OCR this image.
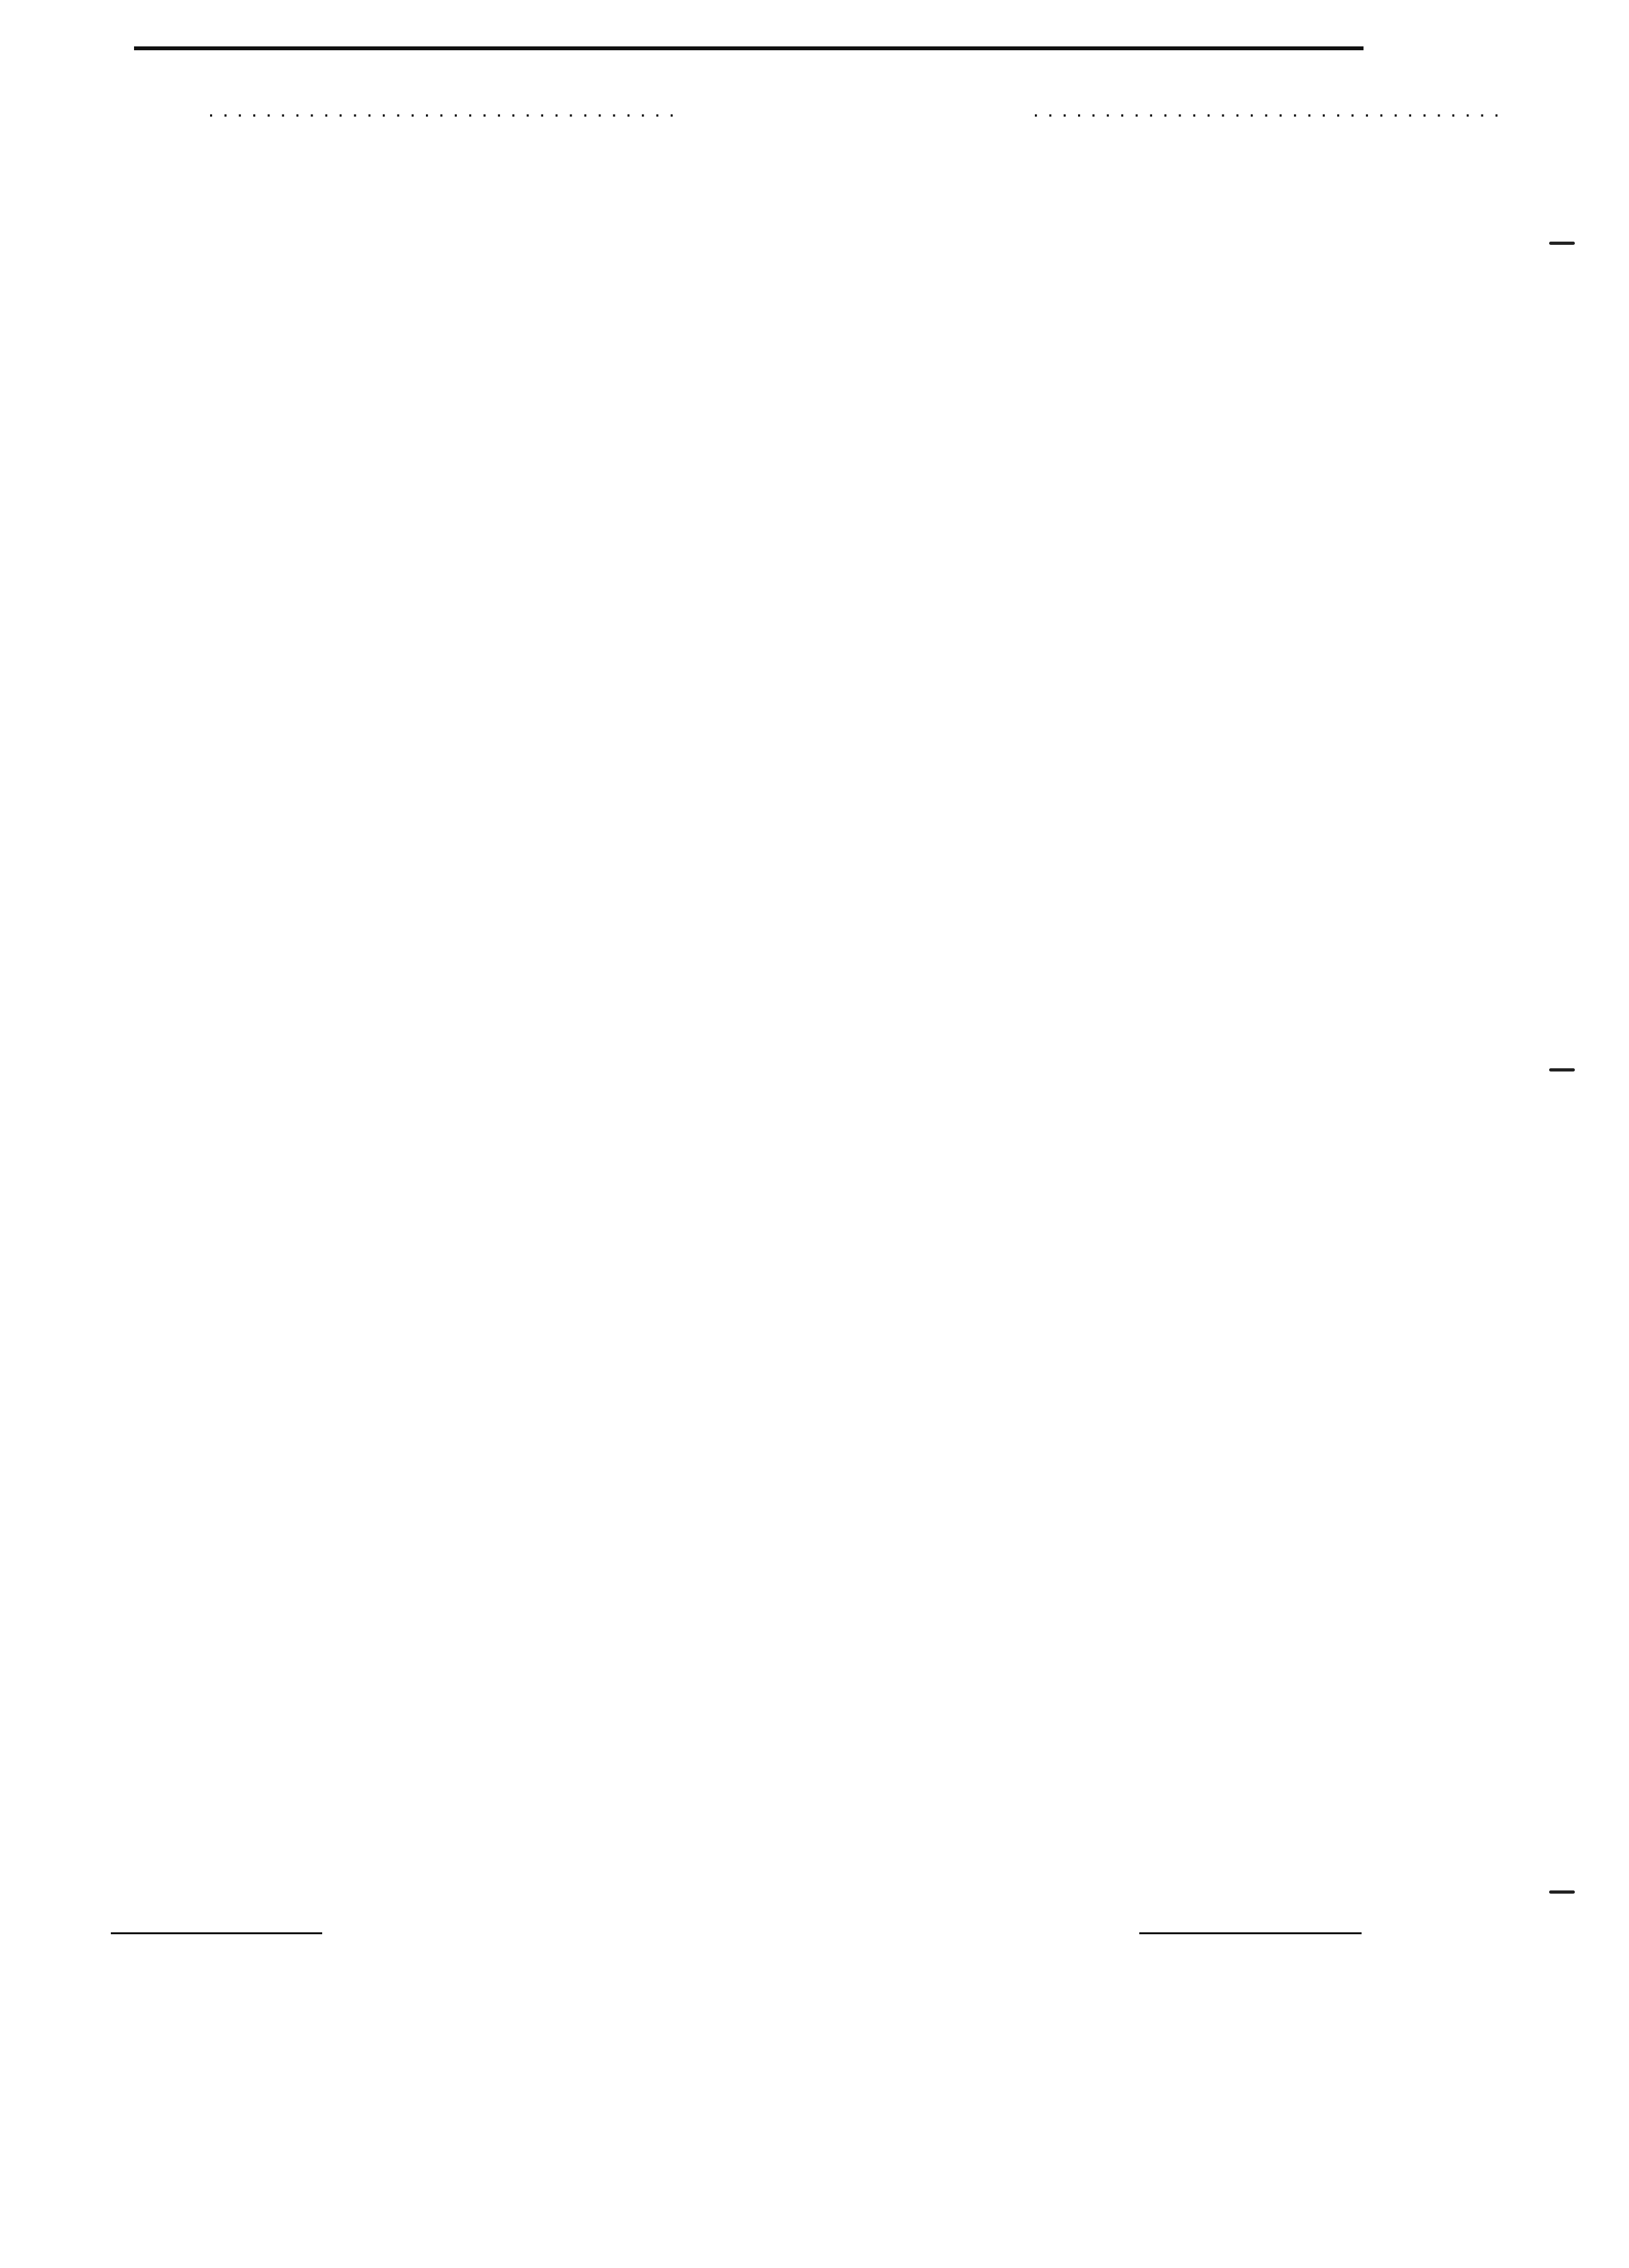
. . .
. . .
